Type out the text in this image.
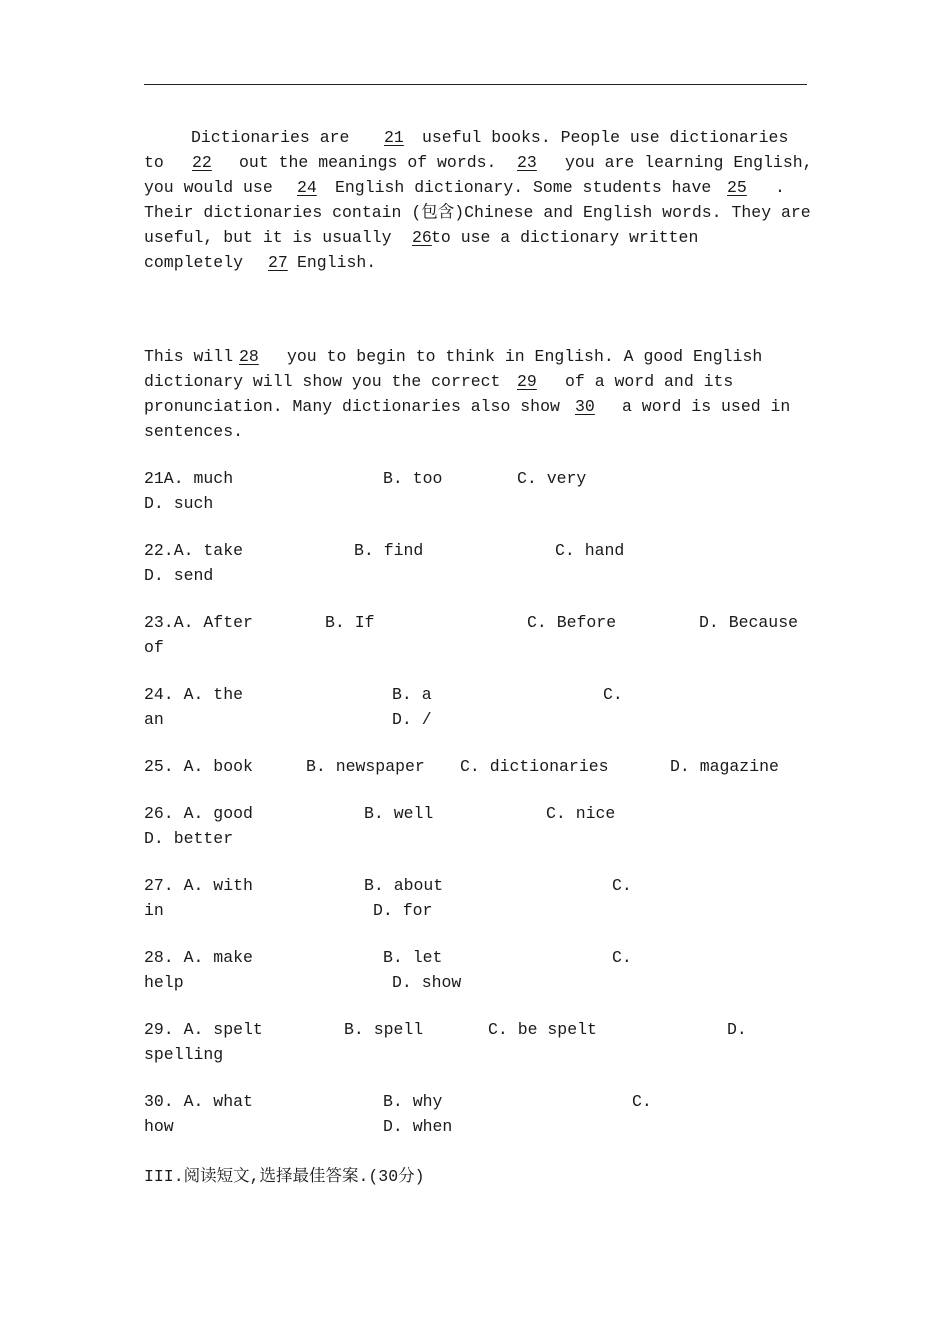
Dictionaries are 21 useful books. People use dictionaries
to 22 out the meanings of words. 23 you are learning English,
you would use 24 English dictionary. Some students have 25 .
Their dictionaries contain (包含)Chinese and English words. They are
useful, but it is usually 26 to use a dictionary written
completely 27 English.
This will 28 you to begin to think in English. A good English
dictionary will show you the correct 29 of a word and its
pronunciation. Many dictionaries also show 30 a word is used in
sentences.
21A. much	B. too	C. very
D. such
22.A. take	B. find	C. hand
D. send
23.A. After	B. If	C. Before	D. Because
of
24. A. the	B. a	C.
an	D. /
25. A. book	B. newspaper C. dictionaries	D. magazine
26. A. good	B. well	C. nice
D. better
27. A. with	B. about	C.
in	D. for
28. A. make	B. let	C.
help	D. show
29. A. spelt	B. spell	C. be spelt	D.
spelling
30. A. what	B. why	C.
how	D. when
III.阅读短文,选择最佳答案.(30分)
